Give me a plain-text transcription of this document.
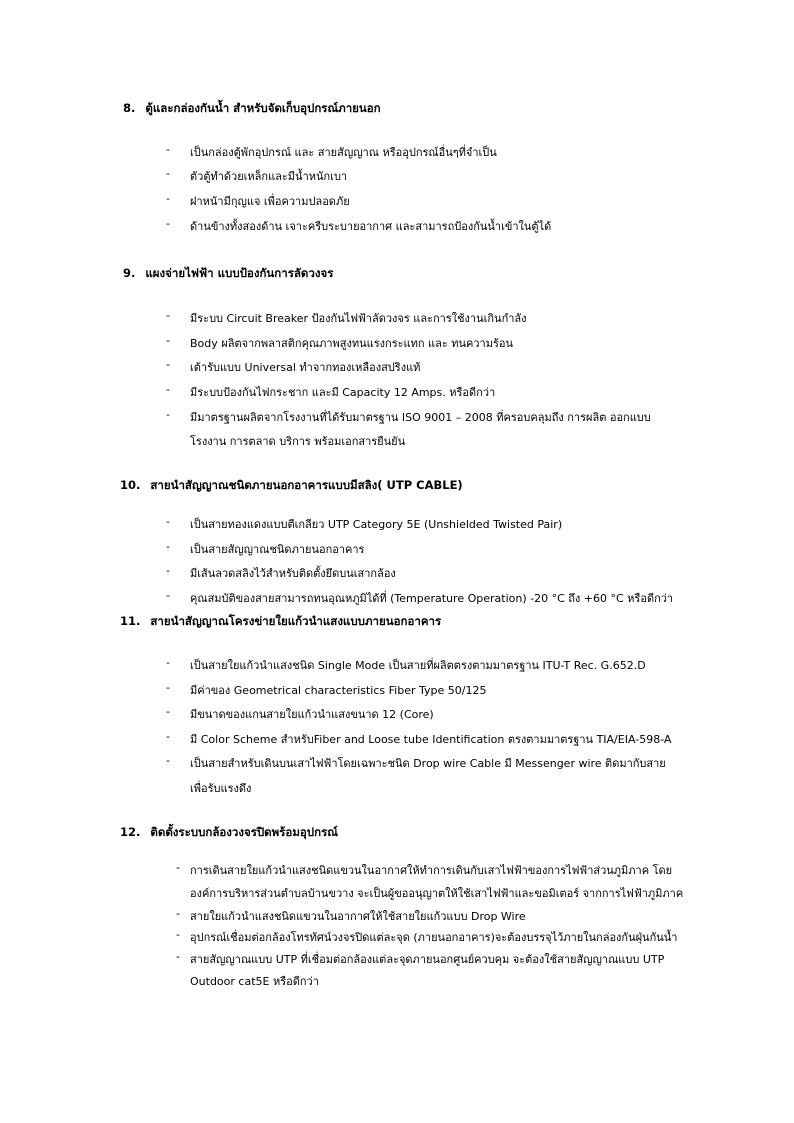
8. ตู้และกล่องกันน้ำ สำหรับจัดเก็บอุปกรณ์ภายนอก
- เป็นกล่องตู้พักอุปกรณ์ และ สายสัญญาณ หรืออุปกรณ์อื่นๆที่จำเป็น
- ตัวตู้ทำด้วยเหล็กและมีน้ำหนักเบา
- ฝาหน้ามีกุญแจ เพื่อความปลอดภัย
- ด้านข้างทั้งสองด้าน เจาะครีบระบายอากาศ และสามารถป้องกันน้ำเข้าในตู้ได้
9. แผงจ่ายไฟฟ้า แบบป้องกันการลัดวงจร
- มีระบบ Circuit Breaker ป้องกันไฟฟ้าลัดวงจร และการใช้งานเกินกำลัง
- Body ผลิตจากพลาสติกคุณภาพสูงทนแรงกระแทก และ ทนความร้อน
- เต้ารับแบบ Universal ทำจากทองเหลืองสปริงแท้
- มีระบบป้องกันไฟกระชาก และมี Capacity 12 Amps. หรือดีกว่า
- มีมาตรฐานผลิตจากโรงงานที่ได้รับมาตรฐาน ISO 9001 – 2008 ที่ครอบคลุมถึง การผลิต ออกแบบ
โรงงาน การตลาด บริการ พร้อมเอกสารยืนยัน
10. สายนำสัญญาณชนิดภายนอกอาคารแบบมีสลิง( UTP CABLE)
- เป็นสายทองแดงแบบตีเกลียว UTP Category 5E (Unshielded Twisted Pair)
- เป็นสายสัญญาณชนิดภายนอกอาคาร
- มีเส้นลวดสลิงไว้สำหรับติดตั้งยึดบนเสากล้อง
- คุณสมบัติของสายสามารถทนอุณหภูมิได้ที่ (Temperature Operation) -20 °C ถึง +60 °C หรือดีกว่า
11. สายนำสัญญาณโครงข่ายใยแก้วนำแสงแบบภายนอกอาคาร
- เป็นสายใยแก้วนำแสงชนิด Single Mode เป็นสายที่ผลิตตรงตามมาตรฐาน ITU-T Rec. G.652.D
- มีค่าของ Geometrical characteristics Fiber Type 50/125
- มีขนาดของแกนสายใยแก้วนำแสงขนาด 12 (Core)
- มี Color Scheme สำหรับFiber and Loose tube Identification ตรงตามมาตรฐาน TIA/EIA-598-A
- เป็นสายสำหรับเดินบนเสาไฟฟ้าโดยเฉพาะชนิด Drop wire Cable มี Messenger wire ติดมากับสาย
เพื่อรับแรงดึง
12. ติดตั้งระบบกล้องวงจรปิดพร้อมอุปกรณ์
- การเดินสายใยแก้วนำแสงชนิดแขวนในอากาศให้ทำการเดินกับเสาไฟฟ้าของการไฟฟ้าส่วนภูมิภาค โดย
องค์การบริหารส่วนตำบลบ้านขวาง จะเป็นผู้ขออนุญาตให้ใช้เสาไฟฟ้าและขอมิเตอร์ จากการไฟฟ้าภูมิภาค
- สายใยแก้วนำแสงชนิดแขวนในอากาศให้ใช้สายใยแก้วแบบ Drop Wire
- อุปกรณ์เชื่อมต่อกล้องโทรทัศน์วงจรปิดแต่ละจุด (ภายนอกอาคาร)จะต้องบรรจุไว้ภายในกล่องกันฝุ่นกันน้ำ
- สายสัญญาณแบบ UTP ที่เชื่อมต่อกล้องแต่ละจุดภายนอกศูนย์ควบคุม จะต้องใช้สายสัญญาณแบบ UTP
Outdoor cat5E หรือดีกว่า
